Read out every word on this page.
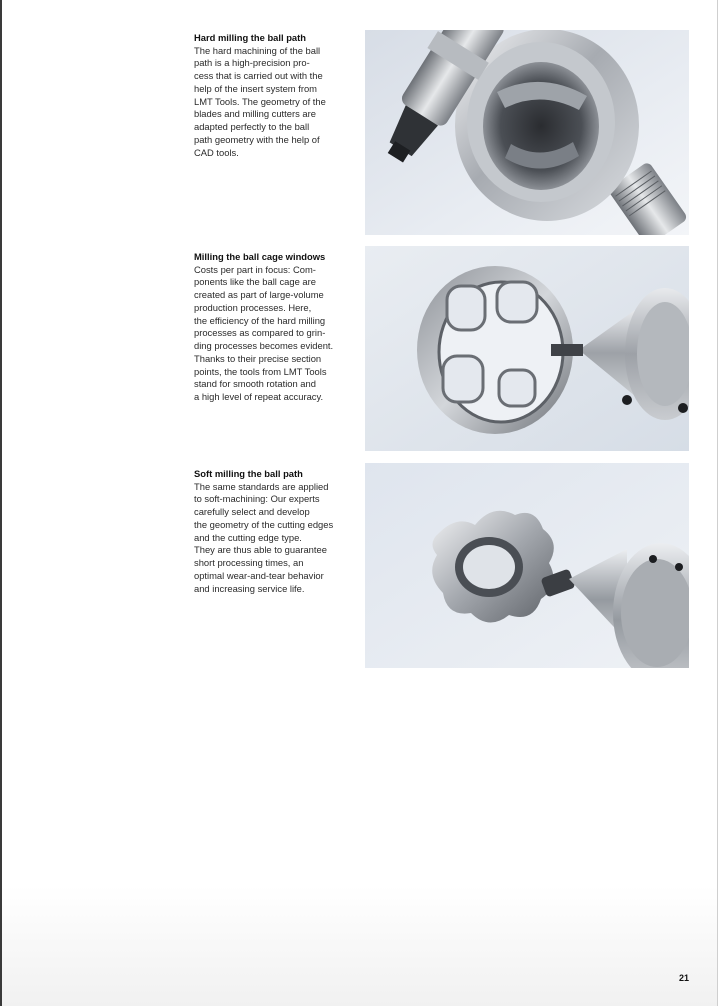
Hard milling the ball path

The hard machining of the ball
path is a high-precision pro-
cess that is carried out with the
help of the insert system from
LMT Tools. The geometry of the
blades and milling cutters are
adapted perfectly to the ball
path geometry with the help of
CAD tools.

Milling the ball cage windows

Costs per part in focus: Com-
ponents like the ball cage are
created as part of large-volume
production processes. Here,
the efficiency of the hard milling
processes as compared to grin-
ding processes becomes evident.
Thanks to their precise section
points, the tools from LMT Tools
stand for smooth rotation and
a high level of repeat accuracy.

Soft milling the ball path

The same standards are applied
to soft-machining: Our experts
carefully select and develop
the geometry of the cutting edges
and the cutting edge type.
They are thus able to guarantee
short processing times, an
optimal wear-and-tear behavior
and increasing service life.

21
